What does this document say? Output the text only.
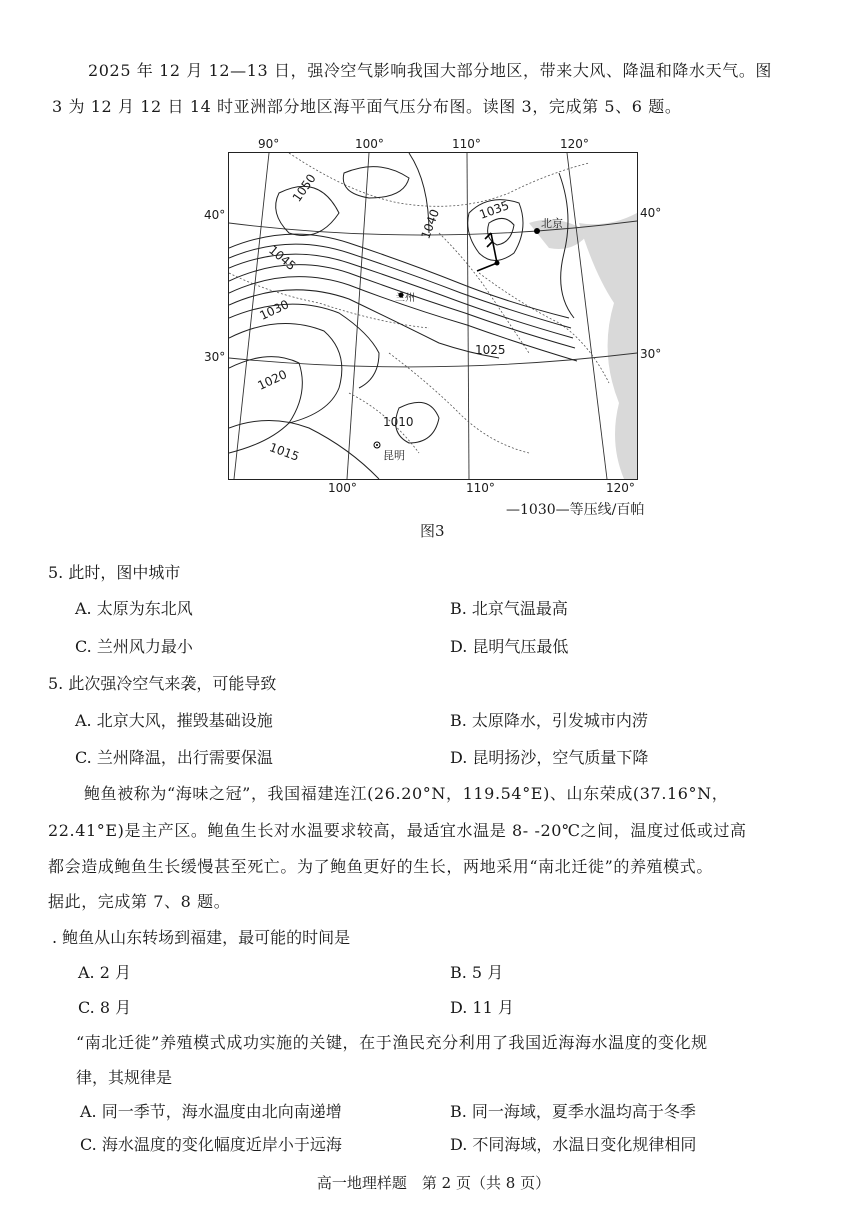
2025 年 12 月 12—13 日，强冷空气影响我国大部分地区，带来大风、降温和降水天气。图
3 为 12 月 12 日 14 时亚洲部分地区海平面气压分布图。读图 3，完成第 5、6 题。
90°	100°	110°	120°
100°	110°	120°
40°
30°
40°
30°
1050
1045
1040	1035
1030
1025
1020
1015
1010
北京
兰州
昆明
图3
—1030—等压线/百帕
5. 此时，图中城市
A. 太原为东北风	B. 北京气温最高
C. 兰州风力最小	D. 昆明气压最低
5. 此次强冷空气来袭，可能导致
A. 北京大风，摧毁基础设施	B. 太原降水，引发城市内涝
C. 兰州降温，出行需要保温	D. 昆明扬沙，空气质量下降
鲍鱼被称为“海味之冠”，我国福建连江(26.20°N，119.54°E)、山东荣成(37.16°N，
22.41°E)是主产区。鲍鱼生长对水温要求较高，最适宜水温是 8- -20℃之间，温度过低或过高
都会造成鲍鱼生长缓慢甚至死亡。为了鲍鱼更好的生长，两地采用“南北迁徙”的养殖模式。
据此，完成第 7、8 题。
. 鲍鱼从山东转场到福建，最可能的时间是
A. 2 月	B. 5 月
C. 8 月	D. 11 月
“南北迁徙”养殖模式成功实施的关键，在于渔民充分利用了我国近海海水温度的变化规
律，其规律是
A. 同一季节，海水温度由北向南递增	B. 同一海域，夏季水温均高于冬季
C. 海水温度的变化幅度近岸小于远海	D. 不同海域，水温日变化规律相同
高一地理样题　第 2 页（共 8 页）
